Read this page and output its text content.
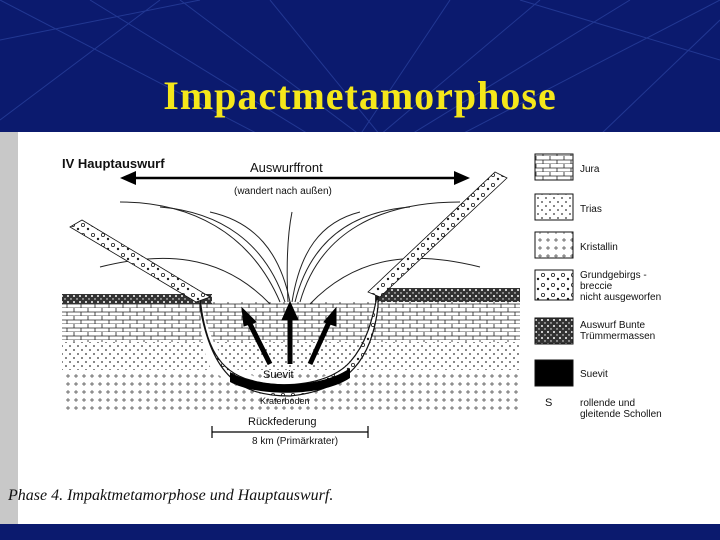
Impactmetamorphose
IV Hauptauswurf	Auswurffront
(wandert nach außen)
Suevit
Kraterboden
Rückfederung
8 km (Primärkrater)
Jura
Trias
Kristallin
Grundgebirgs -breccie nicht ausgeworfen
Auswurf Bunte Trümmermassen
Suevit
S	rollende und gleitende Schollen
Phase 4. Impaktmetamorphose und Hauptauswurf.
